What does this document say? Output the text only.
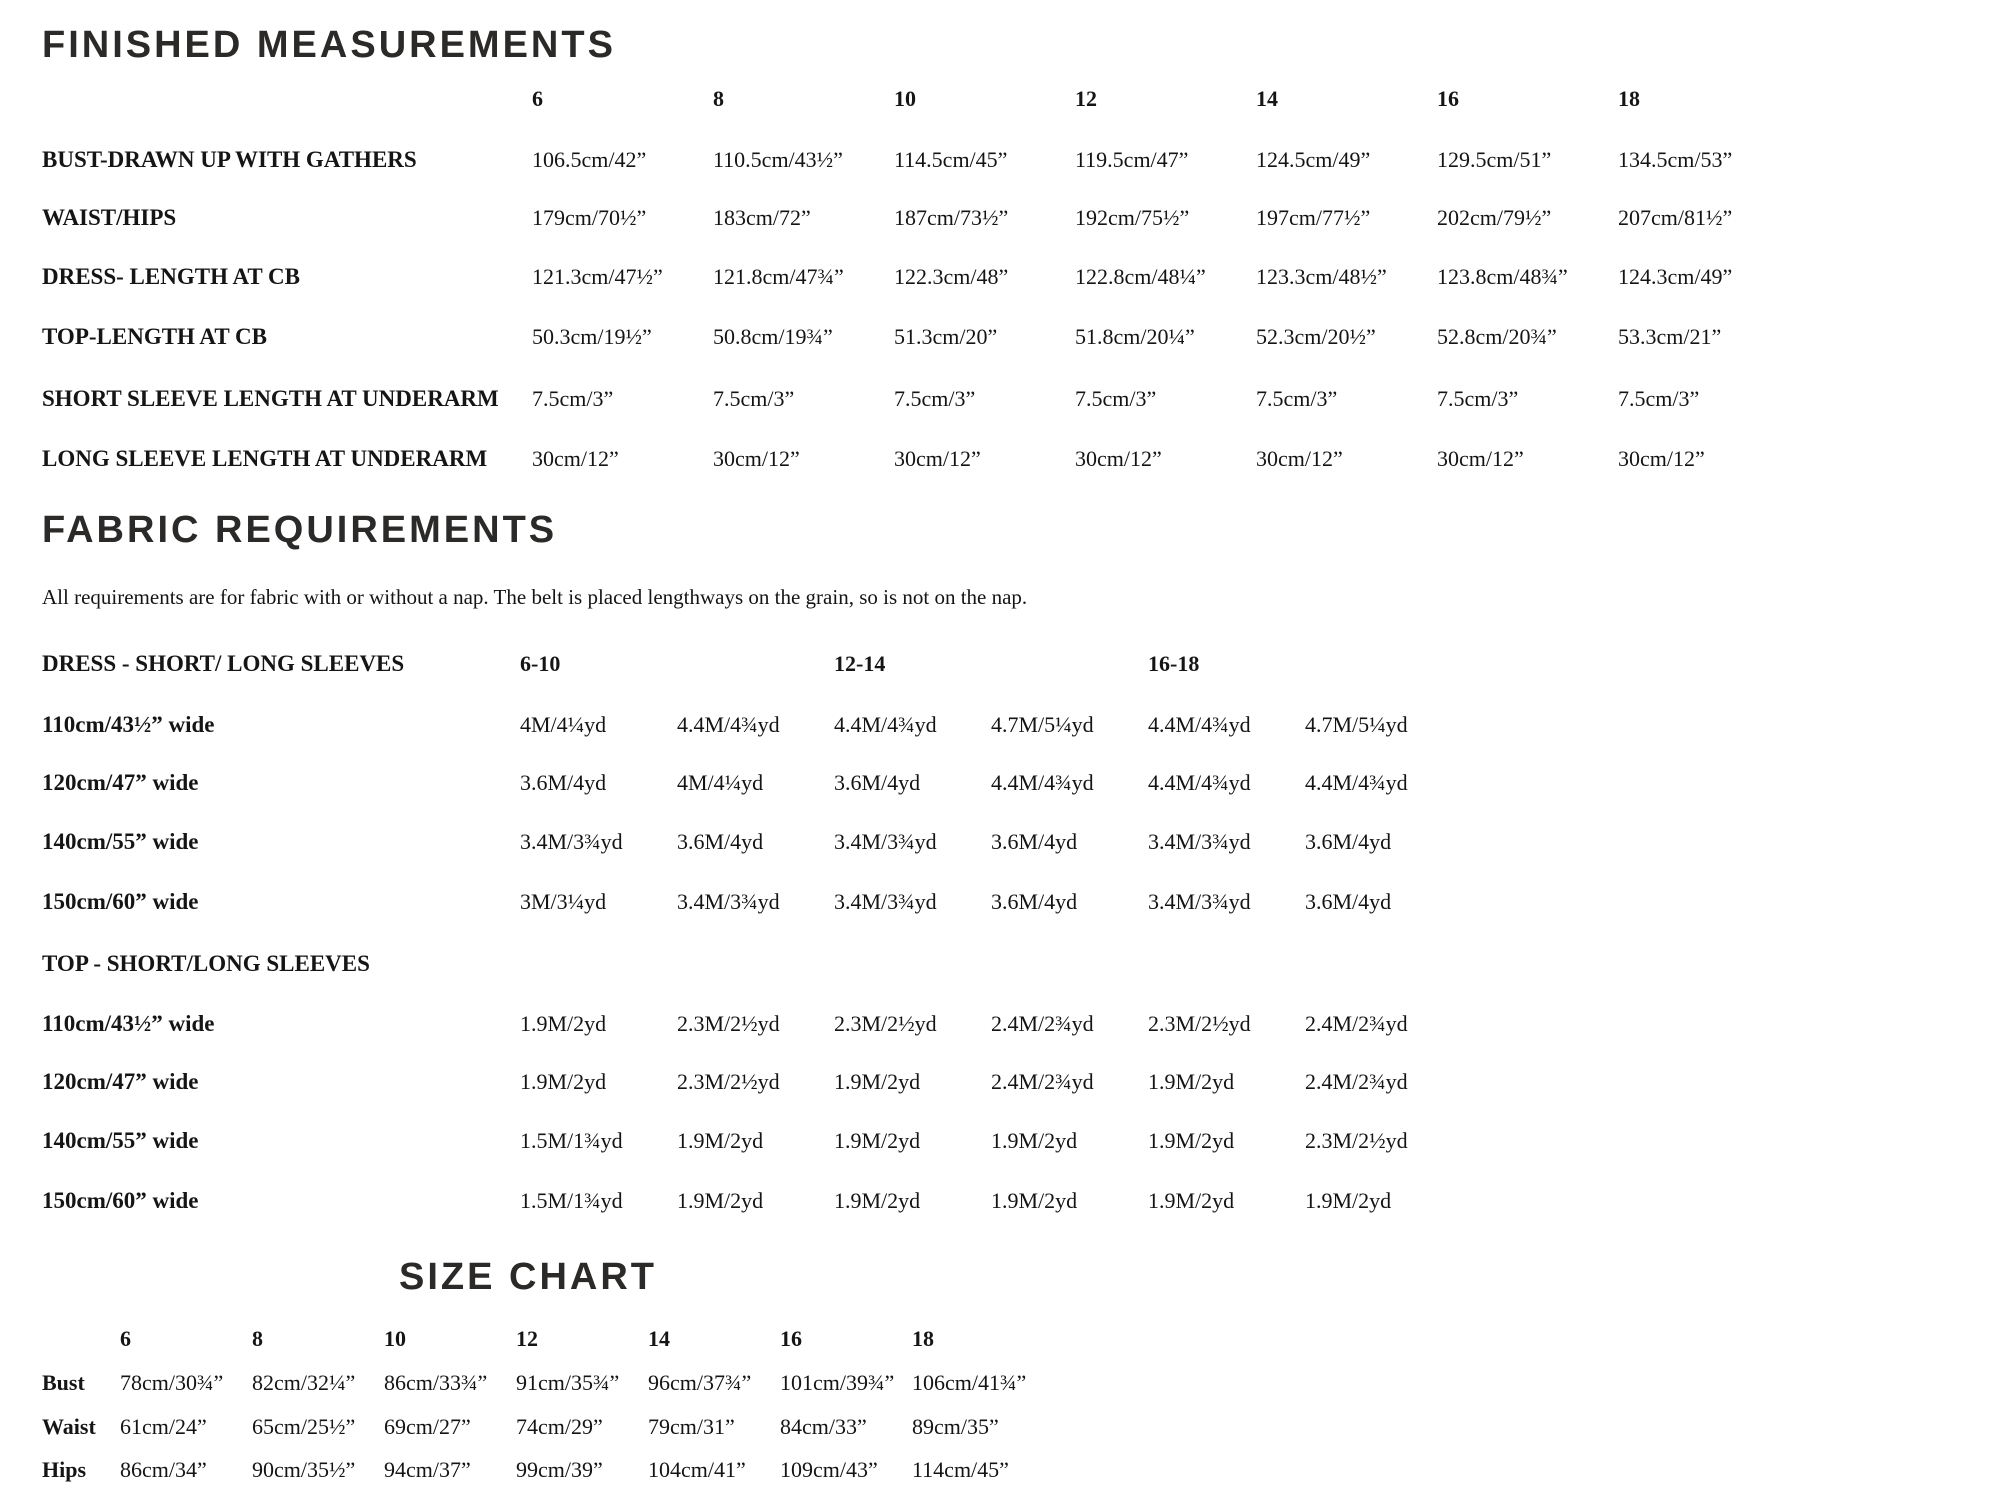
FINISHED MEASUREMENTS
6	8	10	12	14	16	18
BUST-DRAWN UP WITH GATHERS	106.5cm/42”	110.5cm/43½”	114.5cm/45”	119.5cm/47”	124.5cm/49”	129.5cm/51”	134.5cm/53”
WAIST/HIPS	179cm/70½”	183cm/72”	187cm/73½”	192cm/75½”	197cm/77½”	202cm/79½”	207cm/81½”
DRESS- LENGTH AT CB	121.3cm/47½”	121.8cm/47¾”	122.3cm/48”	122.8cm/48¼”	123.3cm/48½”	123.8cm/48¾”	124.3cm/49”
TOP-LENGTH AT CB	50.3cm/19½”	50.8cm/19¾”	51.3cm/20”	51.8cm/20¼”	52.3cm/20½”	52.8cm/20¾”	53.3cm/21”
SHORT SLEEVE LENGTH AT UNDERARM	7.5cm/3”	7.5cm/3”	7.5cm/3”	7.5cm/3”	7.5cm/3”	7.5cm/3”	7.5cm/3”
LONG SLEEVE LENGTH AT UNDERARM	30cm/12”	30cm/12”	30cm/12”	30cm/12”	30cm/12”	30cm/12”	30cm/12”
FABRIC REQUIREMENTS
All requirements are for fabric with or without a nap. The belt is placed lengthways on the grain, so is not on the nap.
DRESS - SHORT/ LONG SLEEVES	6-10	12-14	16-18
110cm/43½” wide	4M/4¼yd	4.4M/4¾yd	4.4M/4¾yd	4.7M/5¼yd	4.4M/4¾yd	4.7M/5¼yd
120cm/47” wide	3.6M/4yd	4M/4¼yd	3.6M/4yd	4.4M/4¾yd	4.4M/4¾yd	4.4M/4¾yd
140cm/55” wide	3.4M/3¾yd	3.6M/4yd	3.4M/3¾yd	3.6M/4yd	3.4M/3¾yd	3.6M/4yd
150cm/60” wide	3M/3¼yd	3.4M/3¾yd	3.4M/3¾yd	3.6M/4yd	3.4M/3¾yd	3.6M/4yd
TOP - SHORT/LONG SLEEVES
110cm/43½” wide	1.9M/2yd	2.3M/2½yd	2.3M/2½yd	2.4M/2¾yd	2.3M/2½yd	2.4M/2¾yd
120cm/47” wide	1.9M/2yd	2.3M/2½yd	1.9M/2yd	2.4M/2¾yd	1.9M/2yd	2.4M/2¾yd
140cm/55” wide	1.5M/1¾yd	1.9M/2yd	1.9M/2yd	1.9M/2yd	1.9M/2yd	2.3M/2½yd
150cm/60” wide	1.5M/1¾yd	1.9M/2yd	1.9M/2yd	1.9M/2yd	1.9M/2yd	1.9M/2yd
SIZE CHART
6	8	10	12	14	16	18
Bust	78cm/30¾”	82cm/32¼”	86cm/33¾”	91cm/35¾”	96cm/37¾”	101cm/39¾” 106cm/41¾”
Waist	61cm/24”	65cm/25½”	69cm/27”	74cm/29”	79cm/31”	84cm/33”	89cm/35”
Hips	86cm/34”	90cm/35½”	94cm/37”	99cm/39”	104cm/41”	109cm/43”	114cm/45”
